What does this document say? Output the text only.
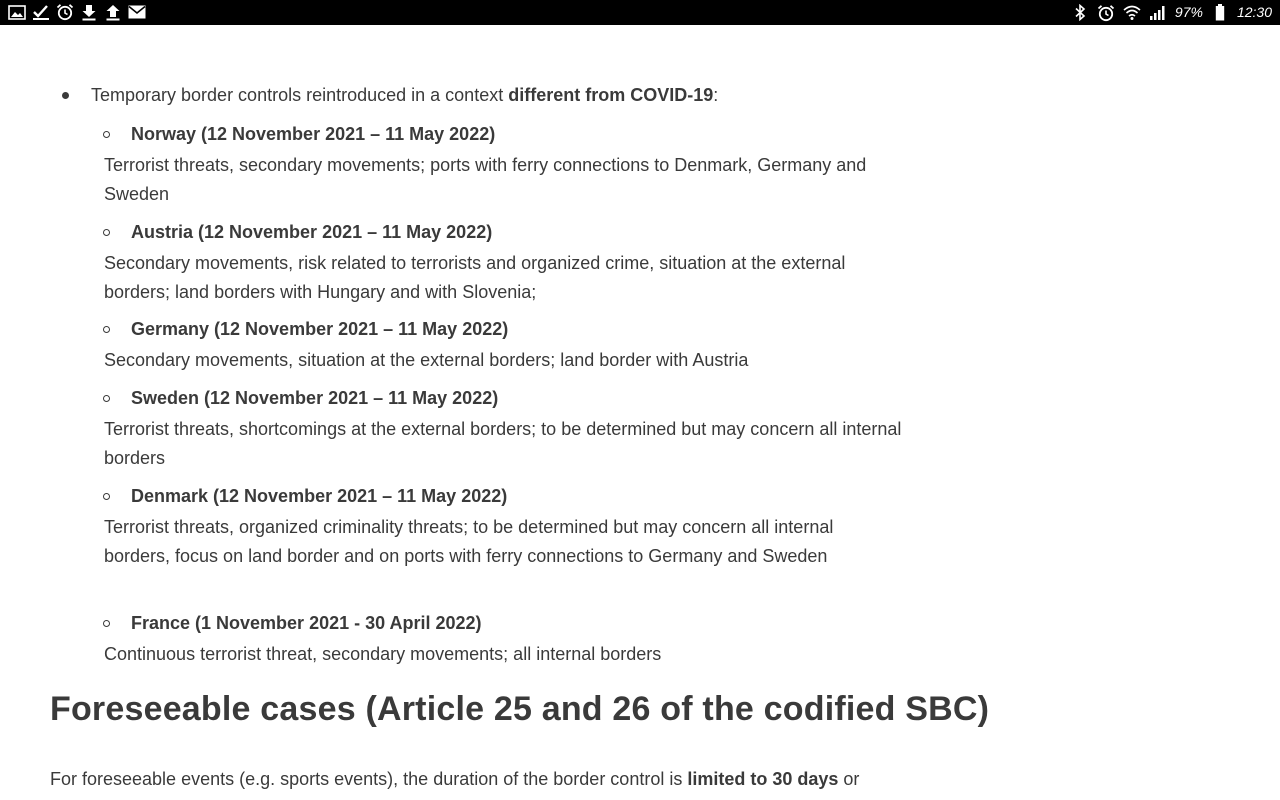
97% 12:30
Temporary border controls reintroduced in a context different from COVID-19:
Norway (12 November 2021 – 11 May 2022)
Terrorist threats, secondary movements; ports with ferry connections to Denmark, Germany and Sweden
Austria (12 November 2021 – 11 May 2022)
Secondary movements, risk related to terrorists and organized crime, situation at the external borders; land borders with Hungary and with Slovenia;
Germany (12 November 2021 – 11 May 2022)
Secondary movements, situation at the external borders; land border with Austria
Sweden (12 November 2021 – 11 May 2022)
Terrorist threats, shortcomings at the external borders; to be determined but may concern all internal borders
Denmark (12 November 2021 – 11 May 2022)
Terrorist threats, organized criminality threats; to be determined but may concern all internal borders, focus on land border and on ports with ferry connections to Germany and Sweden
France (1 November 2021 - 30 April 2022)
Continuous terrorist threat, secondary movements; all internal borders
Foreseeable cases (Article 25 and 26 of the codified SBC)
For foreseeable events (e.g. sports events), the duration of the border control is limited to 30 days or
